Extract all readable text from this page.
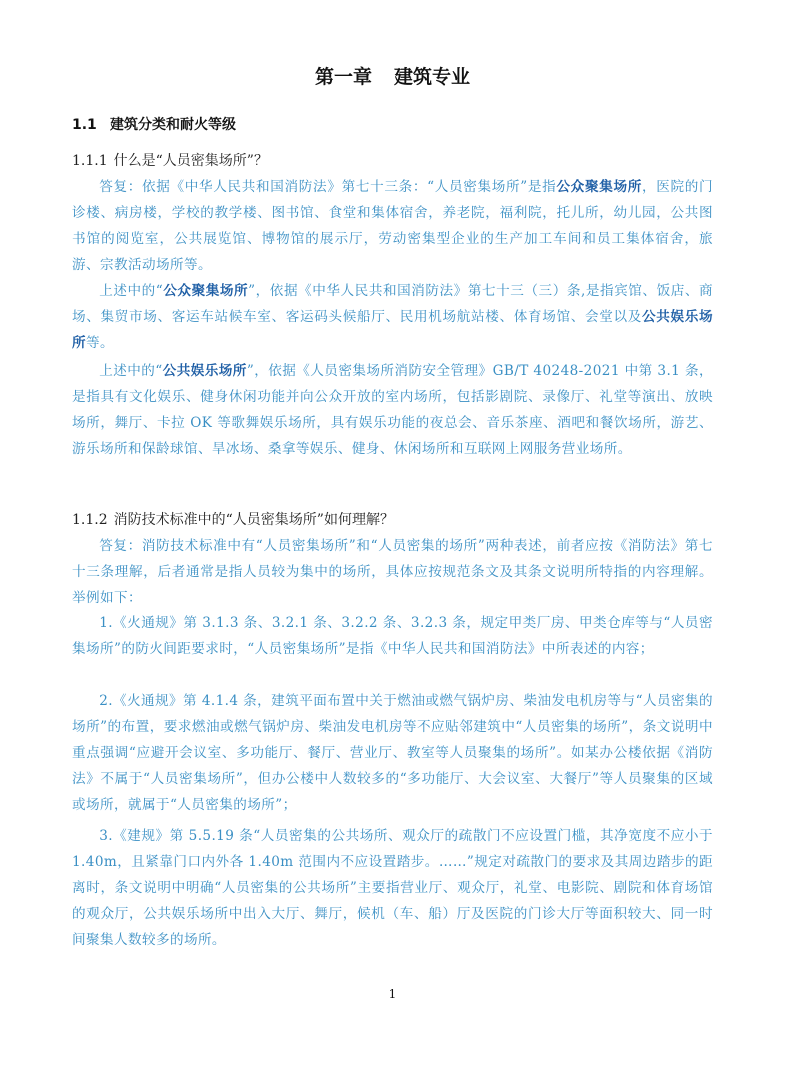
第一章 建筑专业
1.1 建筑分类和耐火等级
1.1.1 什么是“人员密集场所”？
答复：依据《中华人民共和国消防法》第七十三条：“人员密集场所”是指公众聚集场所，医院的门诊楼、病房楼，学校的教学楼、图书馆、食堂和集体宿舍，养老院，福利院，托儿所，幼儿园，公共图书馆的阅览室，公共展览馆、博物馆的展示厅，劳动密集型企业的生产加工车间和员工集体宿舍，旅游、宗教活动场所等。
上述中的“公众聚集场所”，依据《中华人民共和国消防法》第七十三（三）条,是指宾馆、饭店、商场、集贸市场、客运车站候车室、客运码头候船厅、民用机场航站楼、体育场馆、会堂以及公共娱乐场所等。
上述中的“公共娱乐场所”，依据《人员密集场所消防安全管理》GB/T 40248-2021 中第 3.1 条，是指具有文化娱乐、健身休闲功能并向公众开放的室内场所，包括影剧院、录像厅、礼堂等演出、放映场所，舞厅、卡拉 OK 等歌舞娱乐场所，具有娱乐功能的夜总会、音乐茶座、酒吧和餐饮场所，游艺、游乐场所和保龄球馆、旱冰场、桑拿等娱乐、健身、休闲场所和互联网上网服务营业场所。
1.1.2 消防技术标准中的“人员密集场所”如何理解？
答复：消防技术标准中有“人员密集场所”和“人员密集的场所”两种表述，前者应按《消防法》第七十三条理解，后者通常是指人员较为集中的场所，具体应按规范条文及其条文说明所特指的内容理解。举例如下：
1.《火通规》第 3.1.3 条、3.2.1 条、3.2.2 条、3.2.3 条，规定甲类厂房、甲类仓库等与“人员密集场所”的防火间距要求时，“人员密集场所”是指《中华人民共和国消防法》中所表述的内容；
2.《火通规》第 4.1.4 条，建筑平面布置中关于燃油或燃气锅炉房、柴油发电机房等与“人员密集的场所”的布置，要求燃油或燃气锅炉房、柴油发电机房等不应贴邻建筑中“人员密集的场所”，条文说明中重点强调“应避开会议室、多功能厅、餐厅、营业厅、教室等人员聚集的场所”。如某办公楼依据《消防法》不属于“人员密集场所”，但办公楼中人数较多的“多功能厅、大会议室、大餐厅”等人员聚集的区域或场所，就属于“人员密集的场所”；
3.《建规》第 5.5.19 条“人员密集的公共场所、观众厅的疏散门不应设置门槛，其净宽度不应小于 1.40m，且紧靠门口内外各 1.40m 范围内不应设置踏步。……”规定对疏散门的要求及其周边踏步的距离时，条文说明中明确“人员密集的公共场所”主要指营业厅、观众厅，礼堂、电影院、剧院和体育场馆的观众厅，公共娱乐场所中出入大厅、舞厅，候机（车、船）厅及医院的门诊大厅等面积较大、同一时间聚集人数较多的场所。
1
